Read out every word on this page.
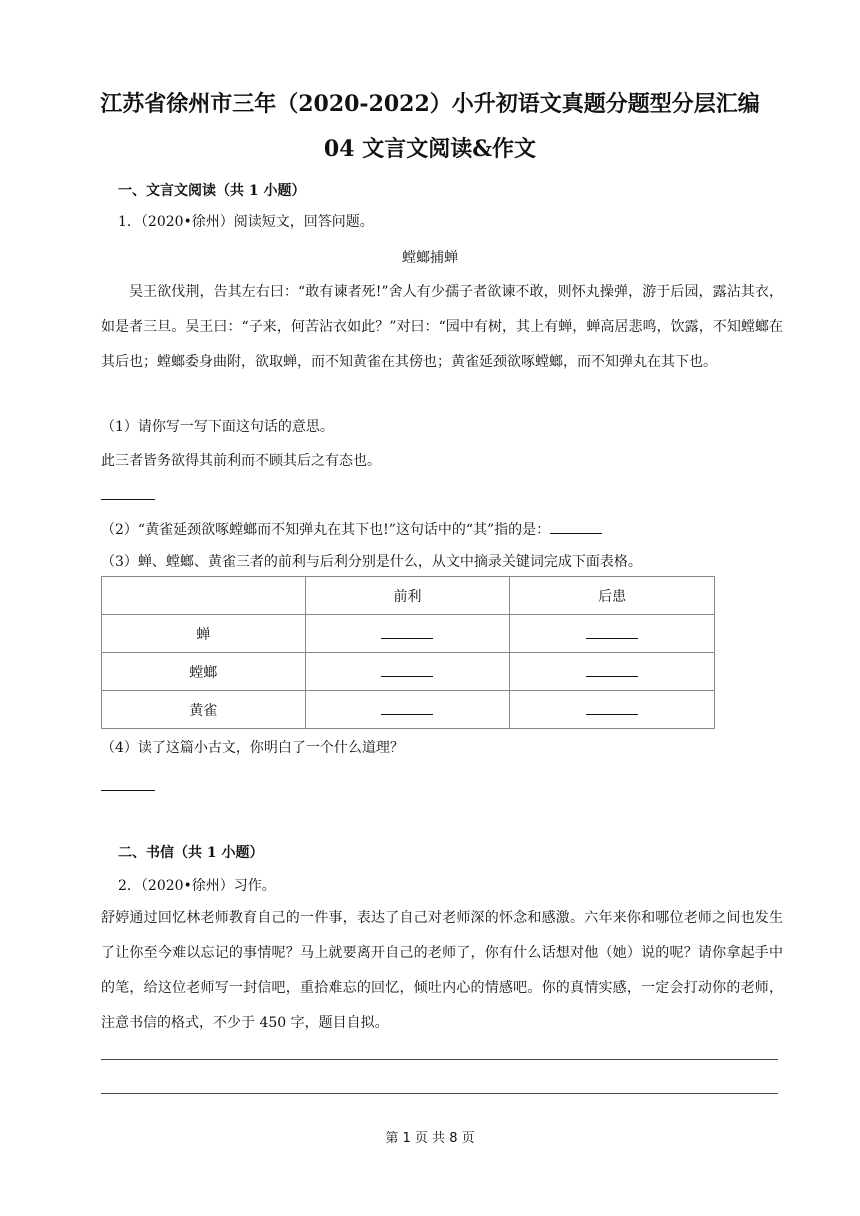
江苏省徐州市三年（2020-2022）小升初语文真题分题型分层汇编
04 文言文阅读&作文
一、文言文阅读（共 1 小题）
1．（2020•徐州）阅读短文，回答问题。
螳螂捕蝉
吴王欲伐荆，告其左右曰：“敢有谏者死!”舍人有少孺子者欲谏不敢，则怀丸操弹，游于后园，露沾其衣，如是者三旦。吴王曰：“子来，何苦沾衣如此？”对曰：“园中有树，其上有蝉，蝉高居悲鸣，饮露，不知螳螂在其后也；螳螂委身曲附，欲取蝉，而不知黄雀在其傍也；黄雀延颈欲啄螳螂，而不知弹丸在其下也。
（1）请你写一写下面这句话的意思。
此三者皆务欲得其前利而不顾其后之有态也。
（2）“黄雀延颈欲啄螳螂而不知弹丸在其下也!”这句话中的“其”指的是：
（3）蝉、螳螂、黄雀三者的前利与后利分别是什么，从文中摘录关键词完成下面表格。
	前利	后患
蝉		
螳螂		
黄雀		
（4）读了这篇小古文，你明白了一个什么道理？
二、书信（共 1 小题）
2．（2020•徐州）习作。
舒婷通过回忆林老师教育自己的一件事，表达了自己对老师深的怀念和感激。六年来你和哪位老师之间也发生了让你至今难以忘记的事情呢？马上就要离开自己的老师了，你有什么话想对他（她）说的呢？请你拿起手中的笔，给这位老师写一封信吧，重拾难忘的回忆，倾吐内心的情感吧。你的真情实感，一定会打动你的老师，注意书信的格式，不少于 450 字，题目自拟。
第 1 页 共 8 页
